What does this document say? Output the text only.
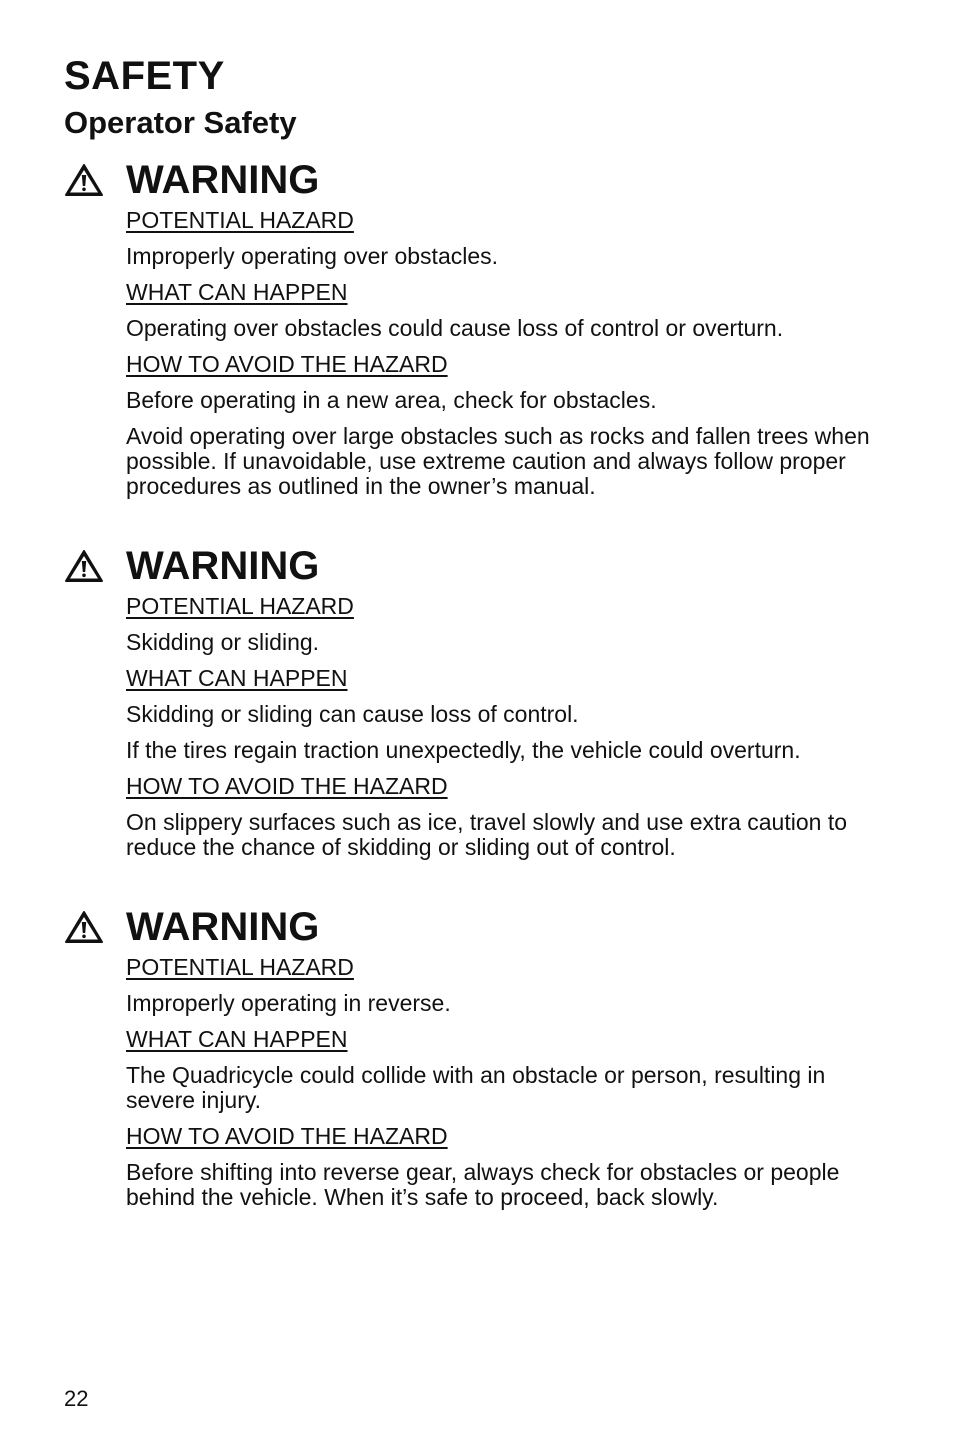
SAFETY
Operator Safety
WARNING

POTENTIAL HAZARD

Improperly operating over obstacles.

WHAT CAN HAPPEN

Operating over obstacles could cause loss of control or overturn.

HOW TO AVOID THE HAZARD

Before operating in a new area, check for obstacles.

Avoid operating over large obstacles such as rocks and fallen trees when possible. If unavoidable, use extreme caution and always follow proper procedures as outlined in the owner’s manual.

WARNING

POTENTIAL HAZARD

Skidding or sliding.

WHAT CAN HAPPEN

Skidding or sliding can cause loss of control.

If the tires regain traction unexpectedly, the vehicle could overturn.

HOW TO AVOID THE HAZARD

On slippery surfaces such as ice, travel slowly and use extra caution to reduce the chance of skidding or sliding out of control.

WARNING

POTENTIAL HAZARD

Improperly operating in reverse.

WHAT CAN HAPPEN

The Quadricycle could collide with an obstacle or person, resulting in severe injury.

HOW TO AVOID THE HAZARD

Before shifting into reverse gear, always check for obstacles or people behind the vehicle. When it’s safe to proceed, back slowly.

22
